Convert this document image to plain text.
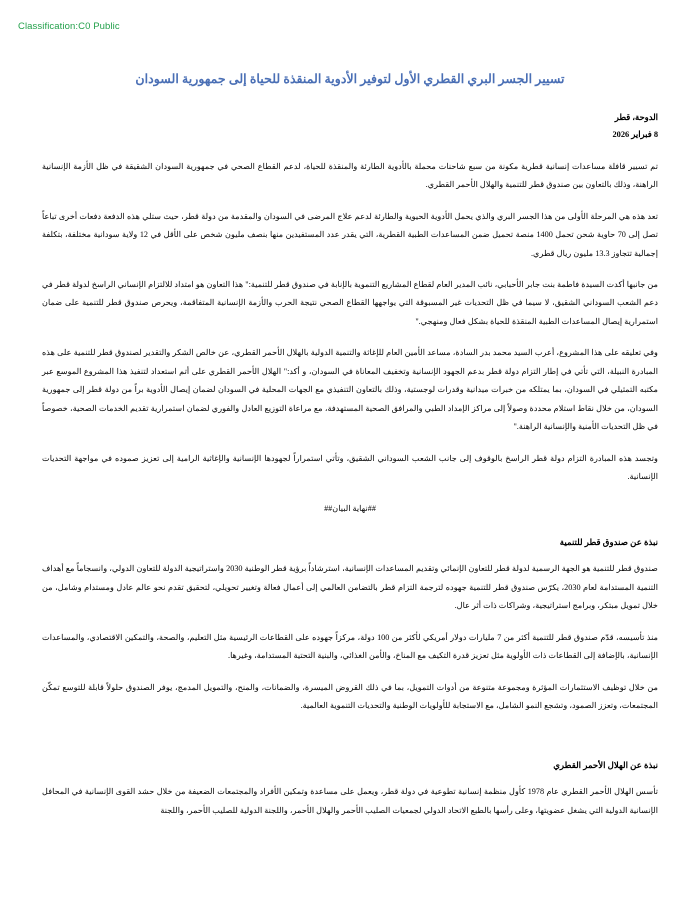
Classification:C0 Public
تسيير الجسر البري القطري الأول لتوفير الأدوية المنقذة للحياة إلى جمهورية السودان
الدوحة، قطر
8 فبراير 2026

تم تسيير قافلة مساعدات إنسانية قطرية مكونة من سبع شاحنات محملة بالأدوية الطارئة والمنقذة للحياة، لدعم القطاع الصحي في جمهورية السودان الشقيقة في ظل الأزمة الإنسانية الراهنة، وذلك بالتعاون بين صندوق قطر للتنمية والهلال الأحمر القطري.

تعد هذه هي المرحلة الأولى من هذا الجسر البري والذي يحمل الأدوية الحيوية والطارئة لدعم علاج المرضى في السودان والمقدمة من دولة قطر، حيث ستلي هذه الدفعة دفعات أخرى تباعاً تصل إلى 70 حاوية شحن تحمل 1400 منصة تحميل ضمن المساعدات الطبية القطرية، التي يقدر عدد المستفيدين منها بنصف مليون شخص على الأقل في 12 ولاية سودانية مختلفة، بتكلفة إجمالية تتجاوز 13.3 مليون ريال قطري.

من جانبها أكدت السيدة فاطمة بنت جابر الأحبابي، نائب المدير العام لقطاع المشاريع التنموية بالإنابة في صندوق قطر للتنمية:" هذا التعاون هو امتداد للالتزام الإنساني الراسخ لدولة قطر في دعم الشعب السوداني الشقيق، لا سيما في ظل التحديات غير المسبوقة التي يواجهها القطاع الصحي نتيجة الحرب والأزمة الإنسانية المتفاقمة، ويحرص صندوق قطر للتنمية على ضمان استمرارية إيصال المساعدات الطبية المنقذة للحياة بشكل فعال ومنهجي."

وفي تعليقه على هذا المشروع، أعرب السيد محمد بدر السادة، مساعد الأمين العام للإغاثة والتنمية الدولية بالهلال الأحمر القطري، عن خالص الشكر والتقدير لصندوق قطر للتنمية على هذه المبادرة النبيلة، التي تأتي في إطار التزام دولة قطر بدعم الجهود الإنسانية وتخفيف المعاناة في السودان، و أكد:" الهلال الأحمر القطري على أتم استعداد لتنفيذ هذا المشروع الموسع عبر مكتبه التمثيلي في السودان، بما يمتلكه من خبرات ميدانية وقدرات لوجستية، وذلك بالتعاون التنفيذي مع الجهات المحلية في السودان لضمان إيصال الأدوية براً من دولة قطر إلى جمهورية السودان، من خلال نقاط استلام محددة وصولاً إلى مراكز الإمداد الطبي والمرافق الصحية المستهدفة، مع مراعاة التوزيع العادل والفوري لضمان استمرارية تقديم الخدمات الصحية، خصوصاً في ظل التحديات الأمنية والإنسانية الراهنة."

وتجسد هذه المبادرة التزام دولة قطر الراسخ بالوقوف إلى جانب الشعب السوداني الشقيق، وتأتي استمراراً لجهودها الإنسانية والإغاثية الرامية إلى تعزيز صموده في مواجهة التحديات الإنسانية.

##نهاية البيان##
نبذة عن صندوق قطر للتنمية

صندوق قطر للتنمية هو الجهة الرسمية لدولة قطر للتعاون الإنمائي وتقديم المساعدات الإنسانية، استرشاداً برؤية قطر الوطنية 2030 واستراتيجية الدولة للتعاون الدولي، وانسجاماً مع أهداف التنمية المستدامة لعام 2030، يكرّس صندوق قطر للتنمية جهوده لترجمة التزام قطر بالتضامن العالمي إلى أعمال فعالة وتغيير تحويلي، لتحقيق تقدم نحو عالم عادل ومستدام وشامل، من خلال تمويل مبتكر، وبرامج استراتيجية، وشراكات ذات أثر عال.

منذ تأسيسه، قدّم صندوق قطر للتنمية أكثر من 7 مليارات دولار أمريكي لأكثر من 100 دولة، مركزاً جهوده على القطاعات الرئيسية مثل التعليم، والصحة، والتمكين الاقتصادي، والمساعدات الإنسانية، بالإضافة إلى القطاعات ذات الأولوية مثل تعزيز قدرة التكيف مع المناخ، والأمن الغذائي، والبنية التحتية المستدامة، وغيرها.

من خلال توظيف الاستثمارات المؤثرة ومجموعة متنوعة من أدوات التمويل، بما في ذلك القروض الميسرة، والضمانات، والمنح، والتمويل المدمج، يوفر الصندوق حلولاً قابلة للتوسع تمكّن المجتمعات، وتعزز الصمود، وتشجع النمو الشامل، مع الاستجابة للأولويات الوطنية والتحديات التنموية العالمية.

نبذة عن الهلال الأحمر القطري

تأسس الهلال الأحمر القطري عام 1978 كأول منظمة إنسانية تطوعية في دولة قطر، ويعمل على مساعدة وتمكين الأفراد والمجتمعات الضعيفة من خلال حشد القوى الإنسانية في المحافل الإنسانية الدولية التي يشغل عضويتها، وعلى رأسها بالطبع الاتحاد الدولي لجمعيات الصليب الأحمر والهلال الأحمر، واللجنة الدولية للصليب الأحمر، واللجنة
